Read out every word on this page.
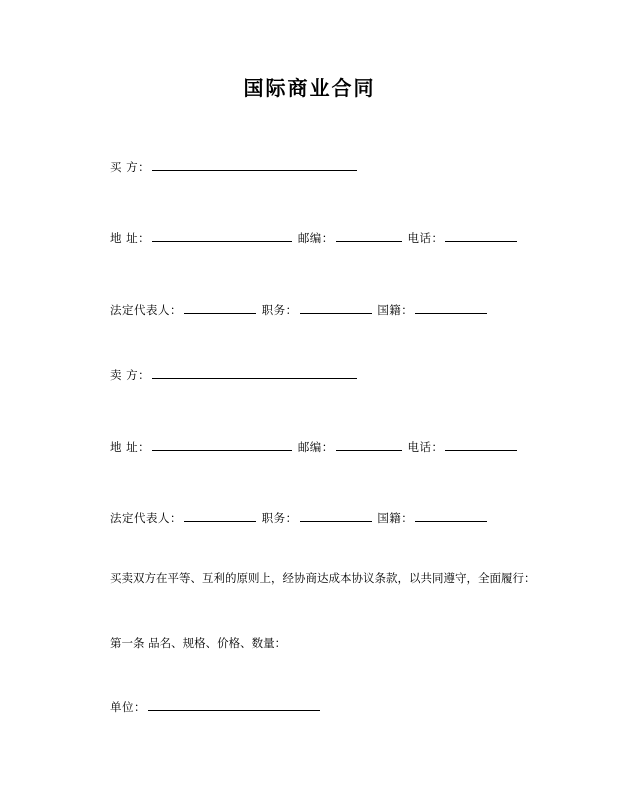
国际商业合同
买 方：
地 址：	邮编：	电话：
法定代表人：	职务：	国籍：
卖 方：
地 址：	邮编：	电话：
法定代表人：	职务：	国籍：
买卖双方在平等、互利的原则上，经协商达成本协议条款，以共同遵守，全面履行：
第一条 品名、规格、价格、数量：
单位：
